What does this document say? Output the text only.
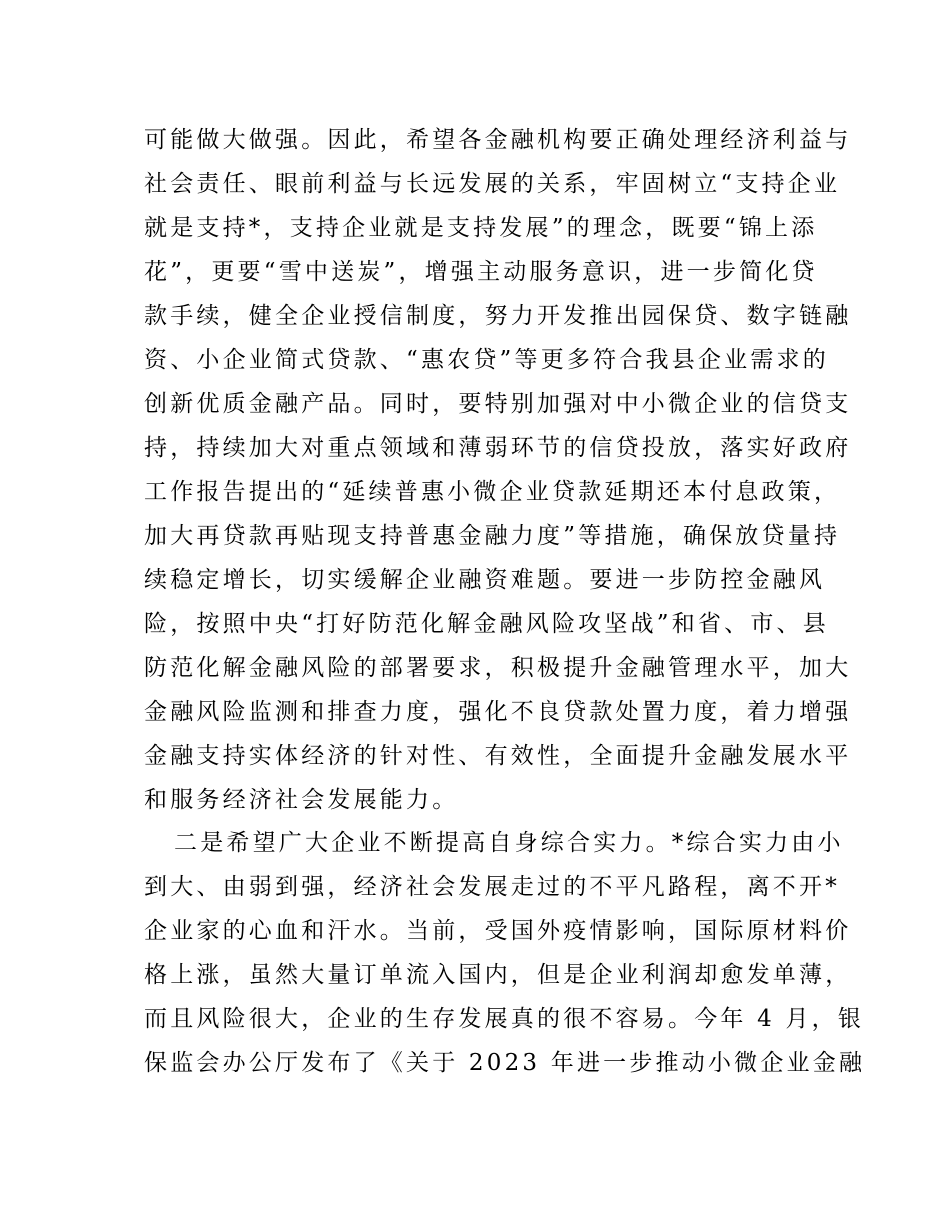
可能做大做强。因此，希望各金融机构要正确处理经济利益与
社会责任、眼前利益与长远发展的关系，牢固树立“支持企业
就是支持*，支持企业就是支持发展”的理念，既要“锦上添
花”，更要“雪中送炭”，增强主动服务意识，进一步简化贷
款手续，健全企业授信制度，努力开发推出园保贷、数字链融
资、小企业简式贷款、“惠农贷”等更多符合我县企业需求的
创新优质金融产品。同时，要特别加强对中小微企业的信贷支
持，持续加大对重点领域和薄弱环节的信贷投放，落实好政府
工作报告提出的“延续普惠小微企业贷款延期还本付息政策，
加大再贷款再贴现支持普惠金融力度”等措施，确保放贷量持
续稳定增长，切实缓解企业融资难题。要进一步防控金融风
险，按照中央“打好防范化解金融风险攻坚战”和省、市、县
防范化解金融风险的部署要求，积极提升金融管理水平，加大
金融风险监测和排查力度，强化不良贷款处置力度，着力增强
金融支持实体经济的针对性、有效性，全面提升金融发展水平
和服务经济社会发展能力。
二是希望广大企业不断提高自身综合实力。*综合实力由小
到大、由弱到强，经济社会发展走过的不平凡路程，离不开*
企业家的心血和汗水。当前，受国外疫情影响，国际原材料价
格上涨，虽然大量订单流入国内，但是企业利润却愈发单薄，
而且风险很大，企业的生存发展真的很不容易。今年 4 月，银
保监会办公厅发布了《关于 2023 年进一步推动小微企业金融
